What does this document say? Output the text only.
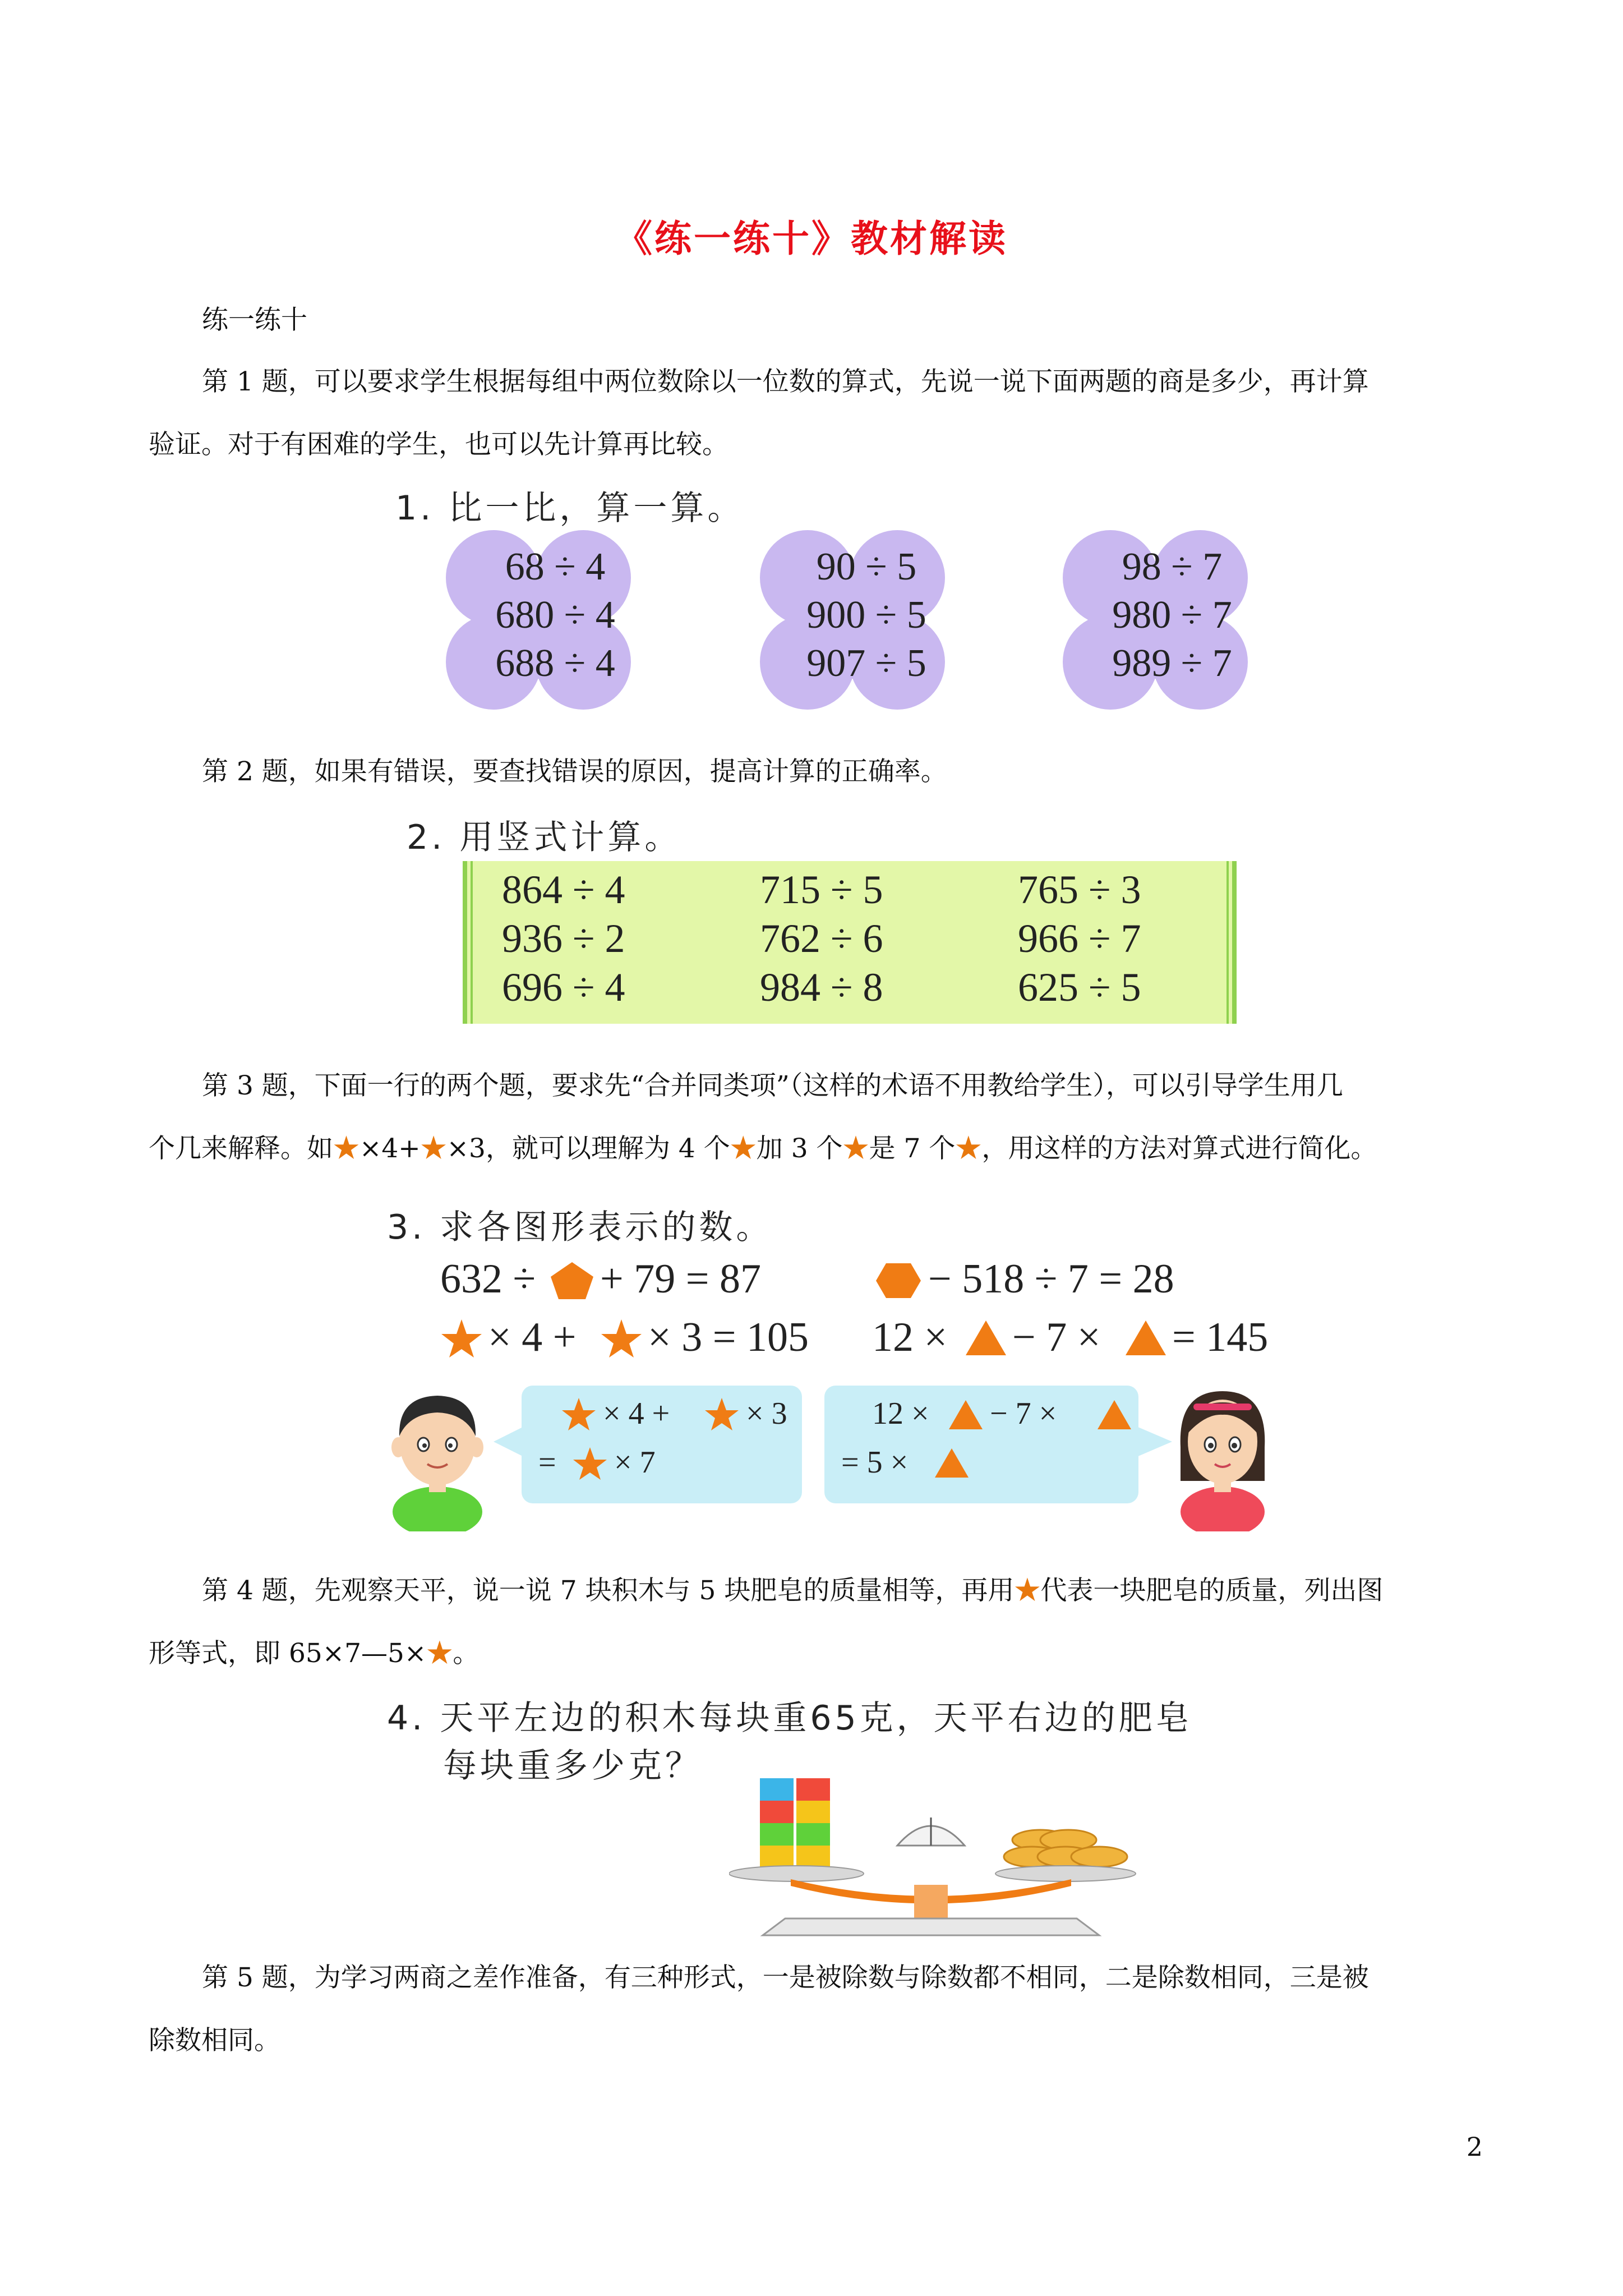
《练一练十》教材解读
练一练十
第 1 题，可以要求学生根据每组中两位数除以一位数的算式，先说一说下面两题的商是多少，再计算
验证。对于有困难的学生，也可以先计算再比较。
1. 比一比，算一算。
68 ÷ 4
680 ÷ 4
688 ÷ 4
90 ÷ 5
900 ÷ 5
907 ÷ 5
98 ÷ 7
980 ÷ 7
989 ÷ 7
第 2 题，如果有错误，要查找错误的原因，提高计算的正确率。
2. 用竖式计算。
864 ÷ 4	715 ÷ 5	765 ÷ 3
936 ÷ 2	762 ÷ 6	966 ÷ 7
696 ÷ 4	984 ÷ 8	625 ÷ 5
第 3 题，下面一行的两个题，要求先“合并同类项”（这样的术语不用教给学生），可以引导学生用几
个几来解释。如★×4+★×3，就可以理解为 4 个★加 3 个★是 7 个★，用这样的方法对算式进行简化。
3. 求各图形表示的数。
632 ÷ + 79 = 87	− 518 ÷ 7 = 28
× 4 + × 3 = 105 12 × − 7 × = 145
× 4 + × 3
= × 7
12 × − 7 ×
= 5 ×
第 4 题，先观察天平，说一说 7 块积木与 5 块肥皂的质量相等，再用★代表一块肥皂的质量，列出图
形等式，即 65×7—5×★。
4. 天平左边的积木每块重65克，天平右边的肥皂
每块重多少克？
第 5 题，为学习两商之差作准备，有三种形式，一是被除数与除数都不相同，二是除数相同，三是被
除数相同。
2
